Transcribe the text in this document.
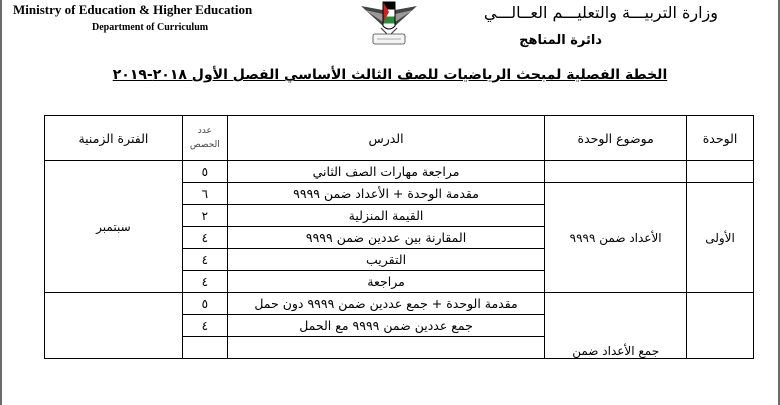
Ministry of Education & Higher Education
Department of Curriculum
وزارة التربيـــة والتعليـــم العــالـــي
دائرة المناهج
الخطة الفصلية لمبحث الرياضيات للصف الثالث الأساسي الفصل الأول ٢٠١٨-٢٠١٩
الوحدة	موضوع الوحدة	الدرس	عدد الحصص	الفترة الزمنية
		مراجعة مهارات الصف الثاني	٥	سبتمبر
الأولى	الأعداد ضمن ٩٩٩٩	مقدمة الوحدة + الأعداد ضمن ٩٩٩٩	٦	
		القيمة المنزلية	٢	
		المقارنة بين عددين ضمن ٩٩٩٩	٤	
		التقريب	٤	
		مراجعة	٤	
	جمع الأعداد ضمن	مقدمة الوحدة + جمع عددين ضمن ٩٩٩٩ دون حمل	٥	
		جمع عددين ضمن ٩٩٩٩ مع الحمل	٤	
